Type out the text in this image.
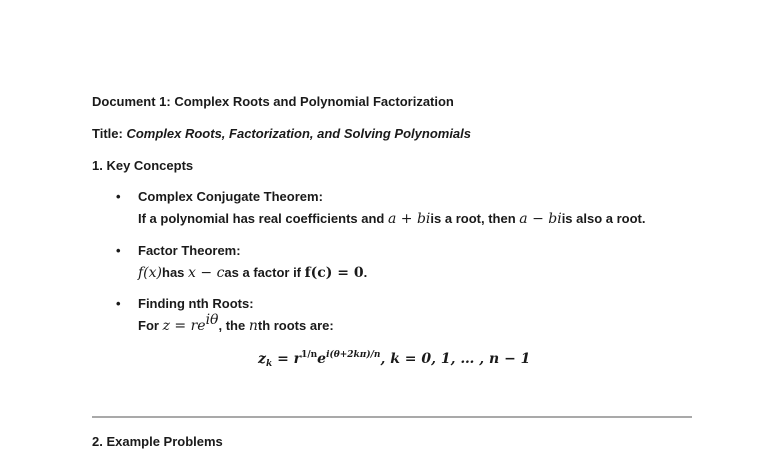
Document 1: Complex Roots and Polynomial Factorization
Title: Complex Roots, Factorization, and Solving Polynomials
1. Key Concepts
• Complex Conjugate Theorem:
If a polynomial has real coefficients and a + biis a root, then a − biis also a root.
• Factor Theorem:
f(x)has x − cas a factor if f(c) = 0.
• Finding nth Roots:
For $z = re^{i\theta}$, the nth roots are:
$z_k = r^{1/n}e^{i(\theta+2k\pi)/n}$, k = 0, 1, … , n − 1
2. Example Problems
